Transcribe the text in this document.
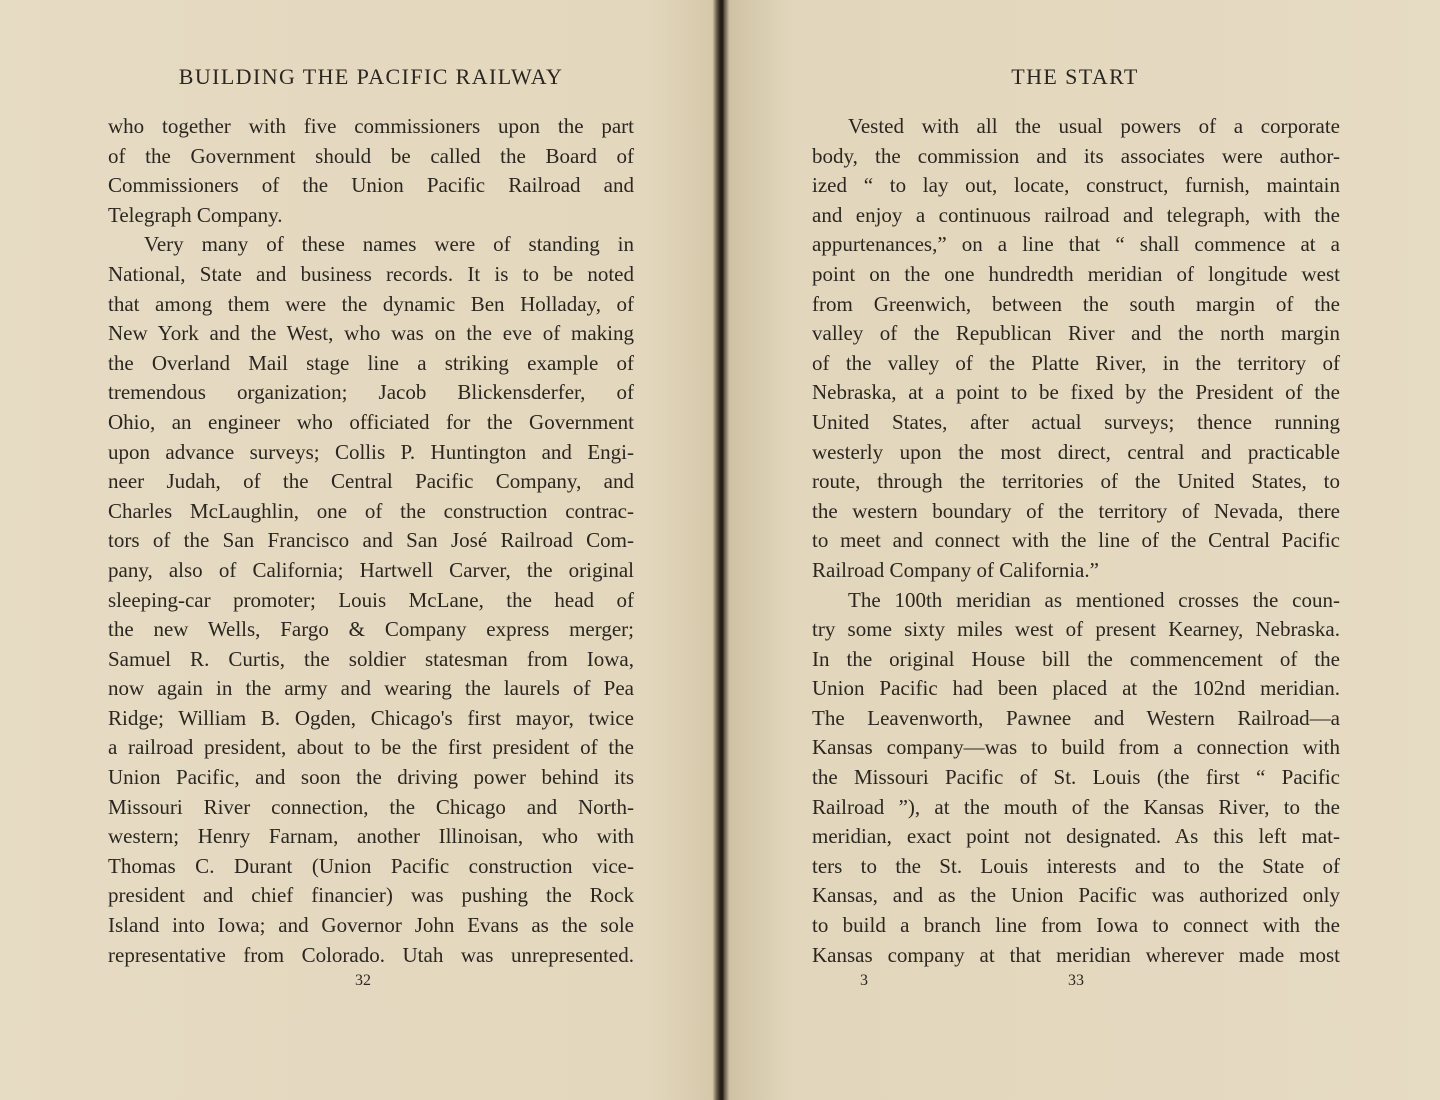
BUILDING THE PACIFIC RAILWAY
who together with five commissioners upon the part
of the Government should be called the Board of
Commissioners of the Union Pacific Railroad and
Telegraph Company.
Very many of these names were of standing in
National, State and business records. It is to be noted
that among them were the dynamic Ben Holladay, of
New York and the West, who was on the eve of making
the Overland Mail stage line a striking example of
tremendous organization; Jacob Blickensderfer, of
Ohio, an engineer who officiated for the Government
upon advance surveys; Collis P. Huntington and Engi-
neer Judah, of the Central Pacific Company, and
Charles McLaughlin, one of the construction contrac-
tors of the San Francisco and San José Railroad Com-
pany, also of California; Hartwell Carver, the original
sleeping-car promoter; Louis McLane, the head of
the new Wells, Fargo & Company express merger;
Samuel R. Curtis, the soldier statesman from Iowa,
now again in the army and wearing the laurels of Pea
Ridge; William B. Ogden, Chicago's first mayor, twice
a railroad president, about to be the first president of the
Union Pacific, and soon the driving power behind its
Missouri River connection, the Chicago and North-
western; Henry Farnam, another Illinoisan, who with
Thomas C. Durant (Union Pacific construction vice-
president and chief financier) was pushing the Rock
Island into Iowa; and Governor John Evans as the sole
representative from Colorado. Utah was unrepresented.
32
THE START
Vested with all the usual powers of a corporate
body, the commission and its associates were author-
ized “ to lay out, locate, construct, furnish, maintain
and enjoy a continuous railroad and telegraph, with the
appurtenances,” on a line that “ shall commence at a
point on the one hundredth meridian of longitude west
from Greenwich, between the south margin of the
valley of the Republican River and the north margin
of the valley of the Platte River, in the territory of
Nebraska, at a point to be fixed by the President of the
United States, after actual surveys; thence running
westerly upon the most direct, central and practicable
route, through the territories of the United States, to
the western boundary of the territory of Nevada, there
to meet and connect with the line of the Central Pacific
Railroad Company of California.”
The 100th meridian as mentioned crosses the coun-
try some sixty miles west of present Kearney, Nebraska.
In the original House bill the commencement of the
Union Pacific had been placed at the 102nd meridian.
The Leavenworth, Pawnee and Western Railroad—a
Kansas company—was to build from a connection with
the Missouri Pacific of St. Louis (the first “ Pacific
Railroad ”), at the mouth of the Kansas River, to the
meridian, exact point not designated. As this left mat-
ters to the St. Louis interests and to the State of
Kansas, and as the Union Pacific was authorized only
to build a branch line from Iowa to connect with the
Kansas company at that meridian wherever made most
3	33
